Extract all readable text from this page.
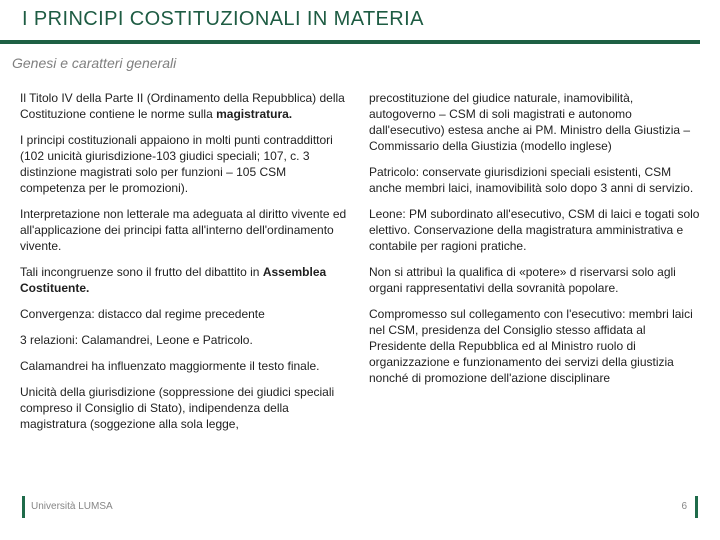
I PRINCIPI COSTITUZIONALI IN MATERIA
Genesi e caratteri generali

Il Titolo IV della Parte II (Ordinamento della Repubblica) della Costituzione contiene le norme sulla magistratura.

I principi costituzionali appaiono in molti punti contraddittori (102 unicità giurisdizione-103 giudici speciali; 107, c. 3 distinzione magistrati solo per funzioni – 105 CSM competenza per le promozioni).

Interpretazione non letterale ma adeguata al diritto vivente ed all'applicazione dei principi fatta all'interno dell'ordinamento vivente.

Tali incongruenze sono il frutto del dibattito in Assemblea Costituente.

Convergenza: distacco dal regime precedente

3 relazioni: Calamandrei, Leone e Patricolo.

Calamandrei ha influenzato maggiormente il testo finale.

Unicità della giurisdizione (soppressione dei giudici speciali compreso il Consiglio di Stato), indipendenza della magistratura (soggezione alla sola legge,

precostituzione del giudice naturale, inamovibilità, autogoverno – CSM di soli magistrati e autonomo dall'esecutivo) estesa anche ai PM. Ministro della Giustizia – Commissario della Giustizia (modello inglese)

Patricolo: conservate giurisdizioni speciali esistenti, CSM anche membri laici, inamovibilità solo dopo 3 anni di servizio.

Leone: PM subordinato all'esecutivo, CSM di laici e togati solo elettivo. Conservazione della magistratura amministrativa e contabile per ragioni pratiche.

Non si attribuì la qualifica di «potere» d riservarsi solo agli organi rappresentativi della sovranità popolare.

Compromesso sul collegamento con l'esecutivo: membri laici nel CSM, presidenza del Consiglio stesso affidata al Presidente della Repubblica ed al Ministro ruolo di organizzazione e funzionamento dei servizi della giustizia nonché di promozione dell'azione disciplinare

Università LUMSA	6
